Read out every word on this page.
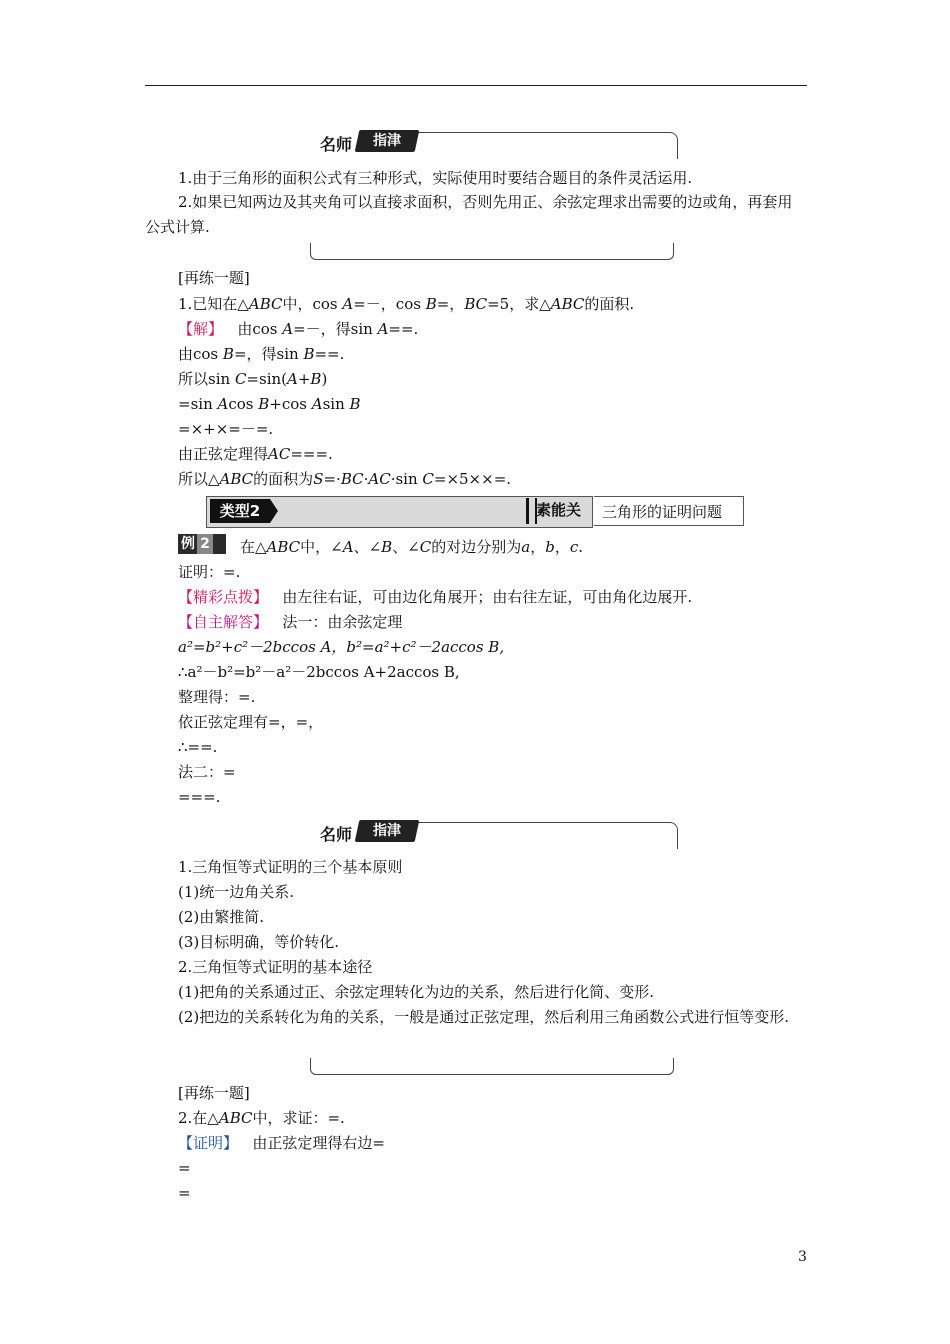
名师	指津
1.由于三角形的面积公式有三种形式，实际使用时要结合题目的条件灵活运用.
2.如果已知两边及其夹角可以直接求面积，否则先用正、余弦定理求出需要的边或角，再套用公式计算.
[再练一题]
1.已知在△ABC中，cos A=－，cos B=，BC=5，求△ABC的面积.
【解】 由cos A=－，得sin A==.
由cos B=，得sin B==.
所以sin C=sin(A+B)
=sin Acos B+cos Asin B
=×+×=－=.
由正弦定理得AC===.
所以△ABC的面积为S=·BC·AC·sin C=×5××=.
类型2	素能关	三角形的证明问题
例 2	在△ABC中，∠A、∠B、∠C的对边分别为a，b，c.
证明：=.
【精彩点拨】 由左往右证，可由边化角展开；由右往左证，可由角化边展开.
【自主解答】 法一：由余弦定理
a²=b²+c²－2bccos A，b²=a²+c²－2accos B,
∴a²－b²=b²－a²－2bccos A+2accos B,
整理得：=.
依正弦定理有=，=，
∴==.
法二：=
===.
名师	指津
1.三角恒等式证明的三个基本原则
(1)统一边角关系.
(2)由繁推简.
(3)目标明确，等价转化.
2.三角恒等式证明的基本途径
(1)把角的关系通过正、余弦定理转化为边的关系，然后进行化简、变形.
(2)把边的关系转化为角的关系，一般是通过正弦定理，然后利用三角函数公式进行恒等变形.
[再练一题]
2.在△ABC中，求证：=.
【证明】 由正弦定理得右边=
=
=
3
